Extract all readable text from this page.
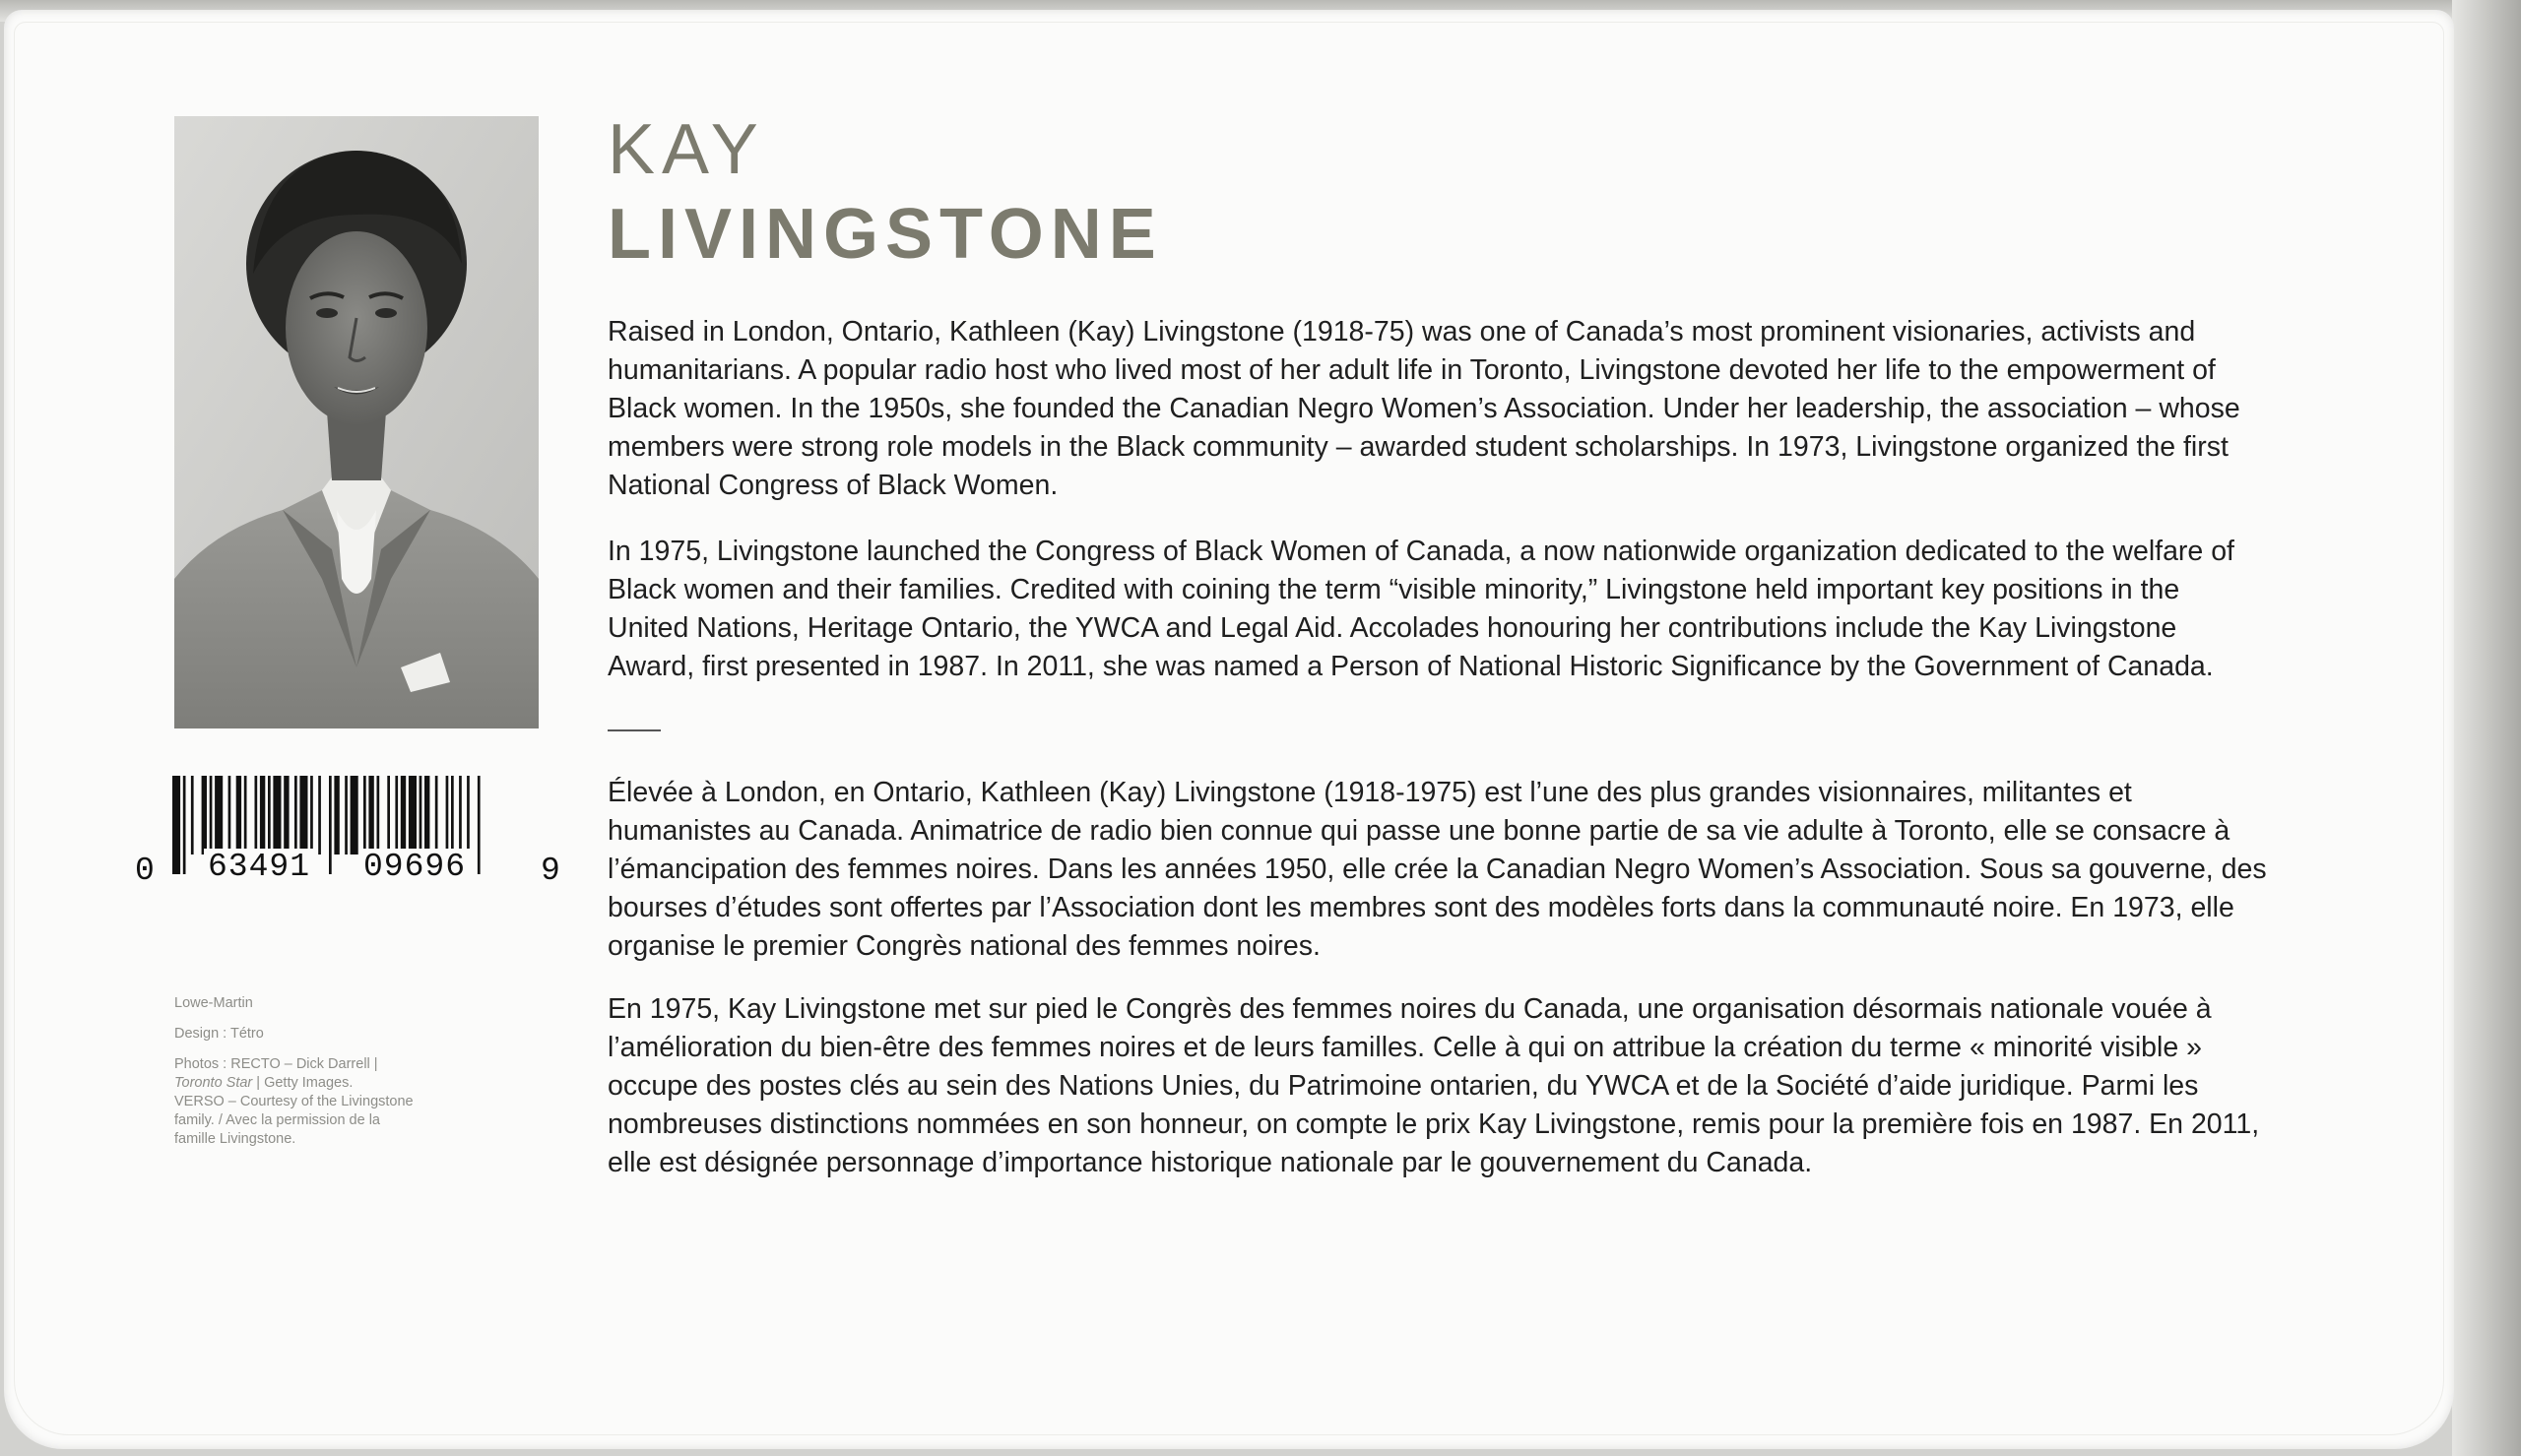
0 63491 09696 9
Lowe-Martin
Design : Tétro
Photos : RECTO – Dick Darrell |
Toronto Star | Getty Images.
VERSO – Courtesy of the Livingstone
family. / Avec la permission de la
famille Livingstone.
KAY
LIVINGSTONE

Raised in London, Ontario, Kathleen (Kay) Livingstone (1918-75) was one of Canada’s most prominent visionaries, activists and
humanitarians. A popular radio host who lived most of her adult life in Toronto, Livingstone devoted her life to the empowerment of
Black women. In the 1950s, she founded the Canadian Negro Women’s Association. Under her leadership, the association – whose
members were strong role models in the Black community – awarded student scholarships. In 1973, Livingstone organized the first
National Congress of Black Women.

In 1975, Livingstone launched the Congress of Black Women of Canada, a now nationwide organization dedicated to the welfare of
Black women and their families. Credited with coining the term “visible minority,” Livingstone held important key positions in the
United Nations, Heritage Ontario, the YWCA and Legal Aid. Accolades honouring her contributions include the Kay Livingstone
Award, first presented in 1987. In 2011, she was named a Person of National Historic Significance by the Government of Canada.

Élevée à London, en Ontario, Kathleen (Kay) Livingstone (1918-1975) est l’une des plus grandes visionnaires, militantes et
humanistes au Canada. Animatrice de radio bien connue qui passe une bonne partie de sa vie adulte à Toronto, elle se consacre à
l’émancipation des femmes noires. Dans les années 1950, elle crée la Canadian Negro Women’s Association. Sous sa gouverne, des
bourses d’études sont offertes par l’Association dont les membres sont des modèles forts dans la communauté noire. En 1973, elle
organise le premier Congrès national des femmes noires.

En 1975, Kay Livingstone met sur pied le Congrès des femmes noires du Canada, une organisation désormais nationale vouée à
l’amélioration du bien-être des femmes noires et de leurs familles. Celle à qui on attribue la création du terme « minorité visible »
occupe des postes clés au sein des Nations Unies, du Patrimoine ontarien, du YWCA et de la Société d’aide juridique. Parmi les
nombreuses distinctions nommées en son honneur, on compte le prix Kay Livingstone, remis pour la première fois en 1987. En 2011,
elle est désignée personnage d’importance historique nationale par le gouvernement du Canada.
